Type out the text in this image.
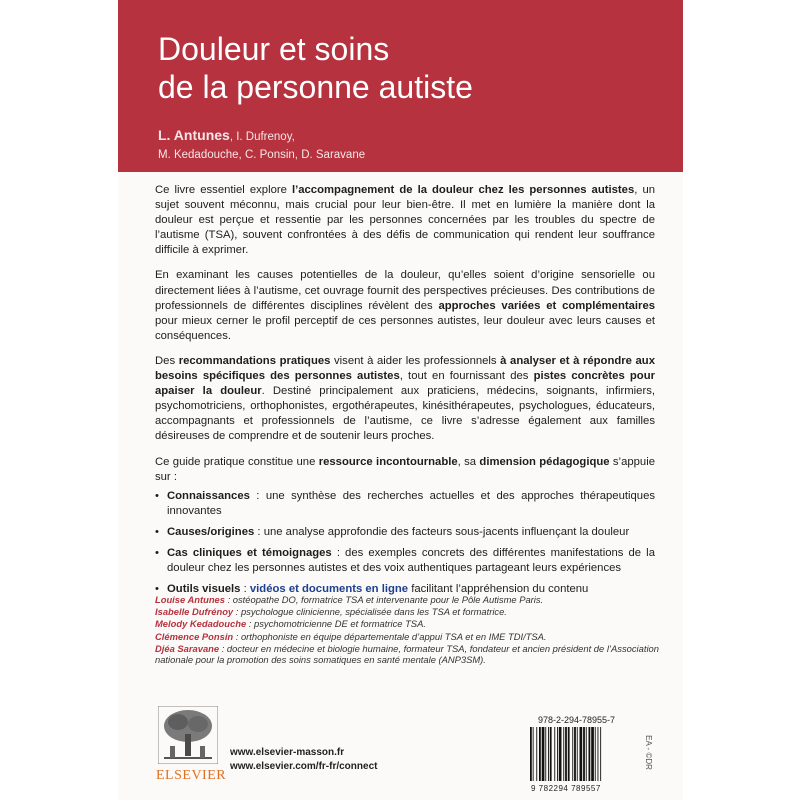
Douleur et soins
de la personne autiste
L. Antunes, I. Dufrenoy,
M. Kedadouche, C. Ponsin, D. Saravane

Ce livre essentiel explore l’accompagnement de la douleur chez les personnes autistes, un sujet souvent méconnu, mais crucial pour leur bien-être. Il met en lumière la manière dont la douleur est perçue et ressentie par les personnes concernées par les troubles du spectre de l’autisme (TSA), souvent confrontées à des défis de communication qui rendent leur souffrance difficile à exprimer.

En examinant les causes potentielles de la douleur, qu’elles soient d’origine sensorielle ou directement liées à l’autisme, cet ouvrage fournit des perspectives précieuses. Des contributions de professionnels de différentes disciplines révèlent des approches variées et complémentaires pour mieux cerner le profil perceptif de ces personnes autistes, leur douleur avec leurs causes et conséquences.

Des recommandations pratiques visent à aider les professionnels à analyser et à répondre aux besoins spécifiques des personnes autistes, tout en fournissant des pistes concrètes pour apaiser la douleur. Destiné principalement aux praticiens, médecins, soignants, infirmiers, psychomotriciens, orthophonistes, ergothérapeutes, kinésithérapeutes, psychologues, éducateurs, accompagnants et professionnels de l’autisme, ce livre s’adresse également aux familles désireuses de comprendre et de soutenir leurs proches.

Ce guide pratique constitue une ressource incontournable, sa dimension pédagogique s’appuie sur :

• Connaissances : une synthèse des recherches actuelles et des approches thérapeutiques innovantes
• Causes/origines : une analyse approfondie des facteurs sous-jacents influençant la douleur
• Cas cliniques et témoignages : des exemples concrets des différentes manifestations de la douleur chez les personnes autistes et des voix authentiques partageant leurs expériences
• Outils visuels : vidéos et documents en ligne facilitant l’appréhension du contenu
Louise Antunes : ostéopathe DO, formatrice TSA et intervenante pour le Pôle Autisme Paris.
Isabelle Dufrénoy : psychologue clinicienne, spécialisée dans les TSA et formatrice.
Melody Kedadouche : psychomotricienne DE et formatrice TSA.
Clémence Ponsin : orthophoniste en équipe départementale d’appui TSA et en IME TDI/TSA.
Djéa Saravane : docteur en médecine et biologie humaine, formateur TSA, fondateur et ancien président de l’Association nationale pour la promotion des soins somatiques en santé mentale (ANP3SM).
ELSEVIER
www.elsevier-masson.fr
www.elsevier.com/fr-fr/connect
978-2-294-78955-7
9 782294 789557
EA - ©DR
